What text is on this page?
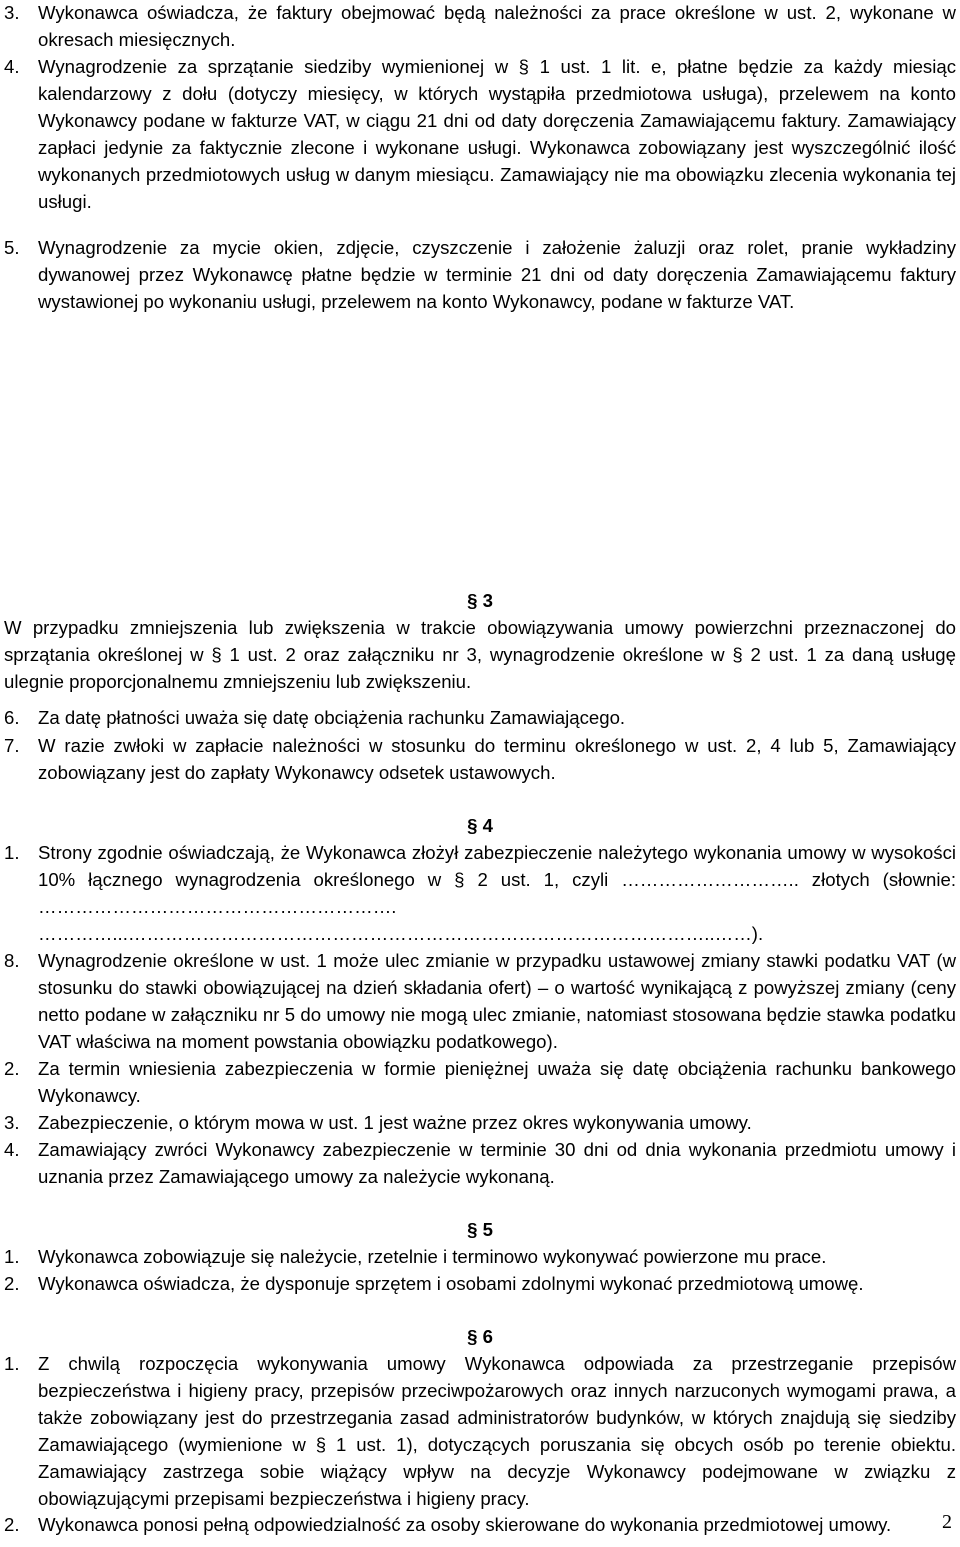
3. Wykonawca oświadcza, że faktury obejmować będą należności za prace określone w ust. 2, wykonane w okresach miesięcznych.
4. Wynagrodzenie za sprzątanie siedziby wymienionej w § 1 ust. 1 lit. e, płatne będzie za każdy miesiąc kalendarzowy z dołu (dotyczy miesięcy, w których wystąpiła przedmiotowa usługa), przelewem na konto Wykonawcy podane w fakturze VAT, w ciągu 21 dni od daty doręczenia Zamawiającemu faktury. Zamawiający zapłaci jedynie za faktycznie zlecone i wykonane usługi. Wykonawca zobowiązany jest wyszczególnić ilość wykonanych przedmiotowych usług w danym miesiącu. Zamawiający nie ma obowiązku zlecenia wykonania tej usługi.
5. Wynagrodzenie za mycie okien, zdjęcie, czyszczenie i założenie żaluzji oraz rolet, pranie wykładziny dywanowej przez Wykonawcę płatne będzie w terminie 21 dni od daty doręczenia Zamawiającemu faktury wystawionej po wykonaniu usługi, przelewem na konto Wykonawcy, podane w fakturze VAT.
6. Za datę płatności uważa się datę obciążenia rachunku Zamawiającego.
7. W razie zwłoki w zapłacie należności w stosunku do terminu określonego w ust. 2, 4 lub 5, Zamawiający zobowiązany jest do zapłaty Wykonawcy odsetek ustawowych.
8. Wynagrodzenie określone w ust. 1 może ulec zmianie w przypadku ustawowej zmiany stawki podatku VAT (w stosunku do stawki obowiązującej na dzień składania ofert) – o wartość wynikającą z powyższej zmiany (ceny netto podane w załączniku nr 5 do umowy nie mogą ulec zmianie, natomiast stosowana będzie stawka podatku VAT właściwa na moment powstania obowiązku podatkowego).
§ 3
W przypadku zmniejszenia lub zwiększenia w trakcie obowiązywania umowy powierzchni przeznaczonej do sprzątania określonej w § 1 ust. 2 oraz załączniku nr 3, wynagrodzenie określone w § 2 ust. 1 za daną usługę ulegnie proporcjonalnemu zmniejszeniu lub zwiększeniu.
§ 4
1. Strony zgodnie oświadczają, że Wykonawca złożył zabezpieczenie należytego wykonania umowy w wysokości 10% łącznego wynagrodzenia określonego w § 2 ust. 1, czyli ……………………….. złotych (słownie: …………………………………………………. …………...…………………………………………………………………………………..……).
2. Za termin wniesienia zabezpieczenia w formie pieniężnej uważa się datę obciążenia rachunku bankowego Wykonawcy.
3. Zabezpieczenie, o którym mowa w ust. 1 jest ważne przez okres wykonywania umowy.
4. Zamawiający zwróci Wykonawcy zabezpieczenie w terminie 30 dni od dnia wykonania przedmiotu umowy i uznania przez Zamawiającego umowy za należycie wykonaną.
§ 5
1. Wykonawca zobowiązuje się należycie, rzetelnie i terminowo wykonywać powierzone mu prace.
2. Wykonawca oświadcza, że dysponuje sprzętem i osobami zdolnymi wykonać przedmiotową umowę.
§ 6
1. Z chwilą rozpoczęcia wykonywania umowy Wykonawca odpowiada za przestrzeganie przepisów bezpieczeństwa i higieny pracy, przepisów przeciwpożarowych oraz innych narzuconych wymogami prawa, a także zobowiązany jest do przestrzegania zasad administratorów budynków, w których znajdują się siedziby Zamawiającego (wymienione w § 1 ust. 1), dotyczących poruszania się obcych osób po terenie obiektu. Zamawiający zastrzega sobie wiążący wpływ na decyzje Wykonawcy podejmowane w związku z obowiązującymi przepisami bezpieczeństwa i higieny pracy.
2. Wykonawca ponosi pełną odpowiedzialność za osoby skierowane do wykonania przedmiotowej umowy.	2
